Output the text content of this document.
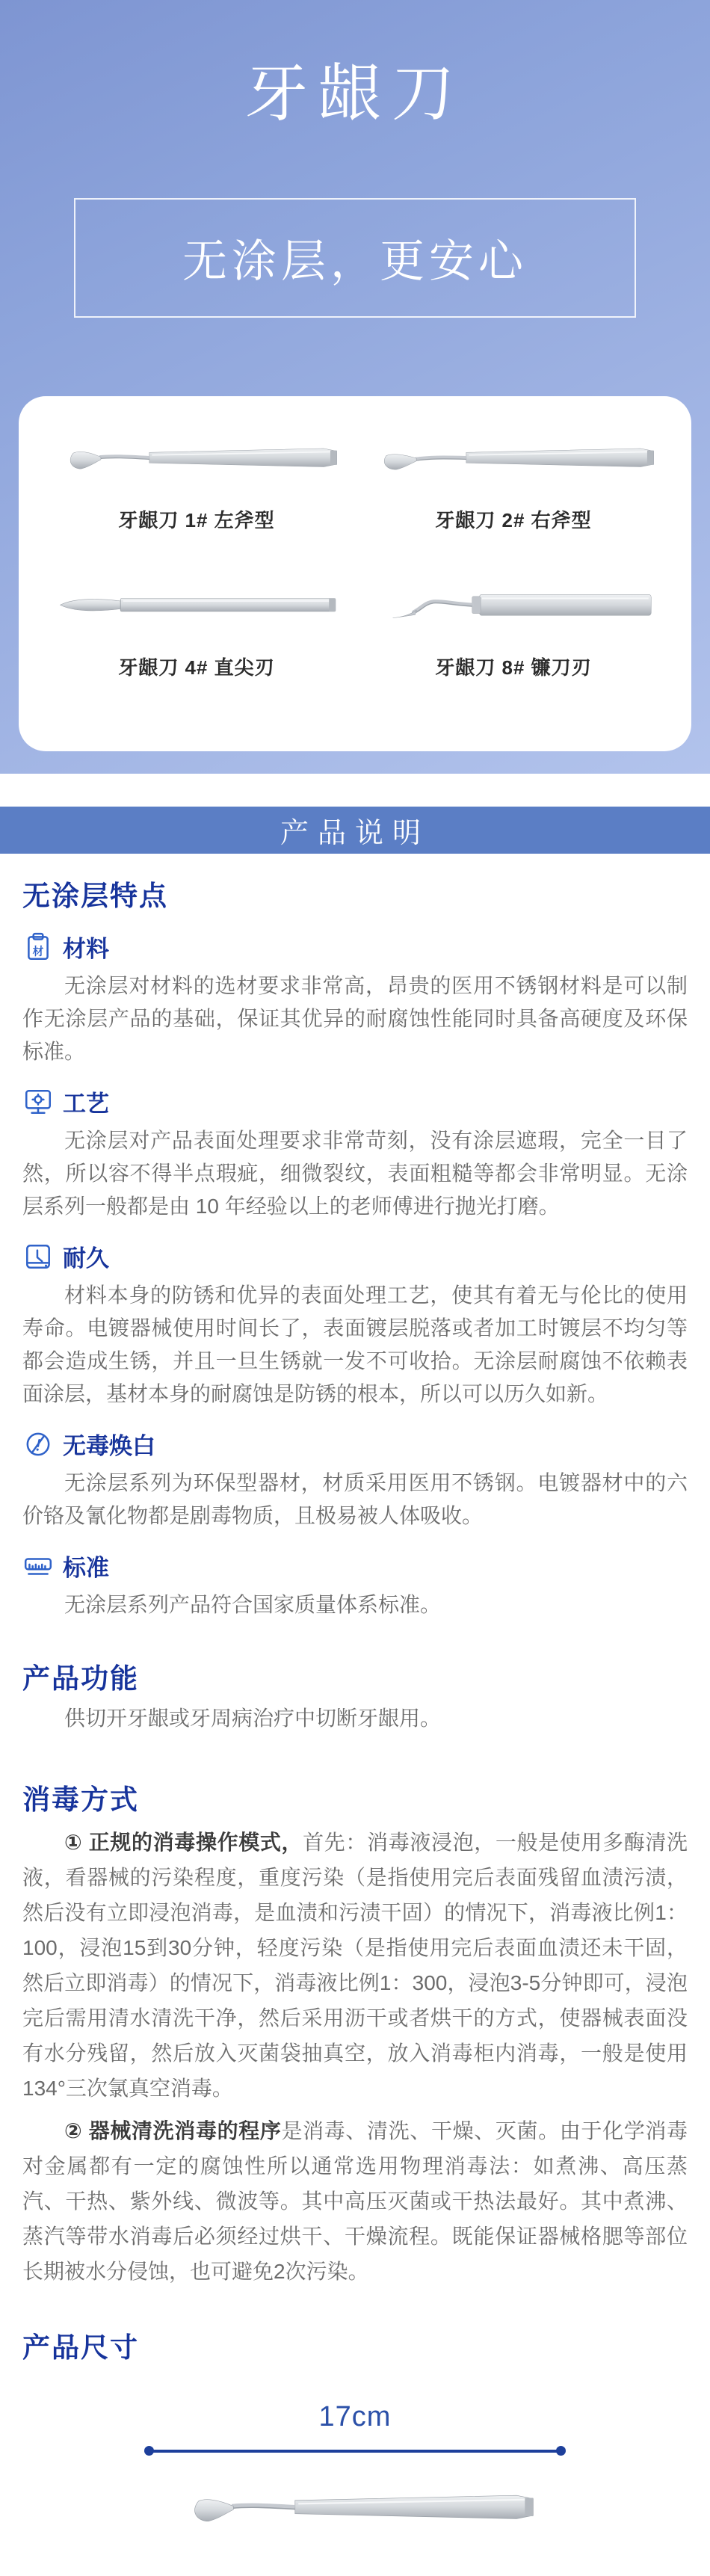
牙龈刀
无涂层，更安心
牙龈刀 1# 左斧型	牙龈刀 2# 右斧型
牙龈刀 4# 直尖刃	牙龈刀 8# 镰刀刃
产品说明
无涂层特点
材 材料

无涂层对材料的选材要求非常高，昂贵的医用不锈钢材料是可以制作无涂层产品的基础，保证其优异的耐腐蚀性能同时具备高硬度及环保标准。

工艺

无涂层对产品表面处理要求非常苛刻，没有涂层遮瑕，完全一目了然，所以容不得半点瑕疵，细微裂纹，表面粗糙等都会非常明显。无涂层系列一般都是由 10 年经验以上的老师傅进行抛光打磨。

耐久

材料本身的防锈和优异的表面处理工艺，使其有着无与伦比的使用寿命。电镀器械使用时间长了，表面镀层脱落或者加工时镀层不均匀等都会造成生锈，并且一旦生锈就一发不可收拾。无涂层耐腐蚀不依赖表面涂层，基材本身的耐腐蚀是防锈的根本，所以可以历久如新。

无毒焕白

无涂层系列为环保型器材，材质采用医用不锈钢。电镀器材中的六价铬及氰化物都是剧毒物质，且极易被人体吸收。

标准

无涂层系列产品符合国家质量体系标准。

产品功能

供切开牙龈或牙周病治疗中切断牙龈用。

消毒方式

① 正规的消毒操作模式，首先：消毒液浸泡，一般是使用多酶清洗液，看器械的污染程度，重度污染（是指使用完后表面残留血渍污渍，然后没有立即浸泡消毒，是血渍和污渍干固）的情况下，消毒液比例1：100，浸泡15到30分钟，轻度污染（是指使用完后表面血渍还未干固，然后立即消毒）的情况下，消毒液比例1：300，浸泡3-5分钟即可，浸泡完后需用清水清洗干净，然后采用沥干或者烘干的方式，使器械表面没有水分残留，然后放入灭菌袋抽真空，放入消毒柜内消毒，一般是使用134°三次氯真空消毒。

② 器械清洗消毒的程序是消毒、清洗、干燥、灭菌。由于化学消毒对金属都有一定的腐蚀性所以通常选用物理消毒法：如煮沸、高压蒸汽、干热、紫外线、微波等。其中高压灭菌或干热法最好。其中煮沸、蒸汽等带水消毒后必须经过烘干、干燥流程。既能保证器械格腮等部位长期被水分侵蚀，也可避免2次污染。

产品尺寸
17cm
